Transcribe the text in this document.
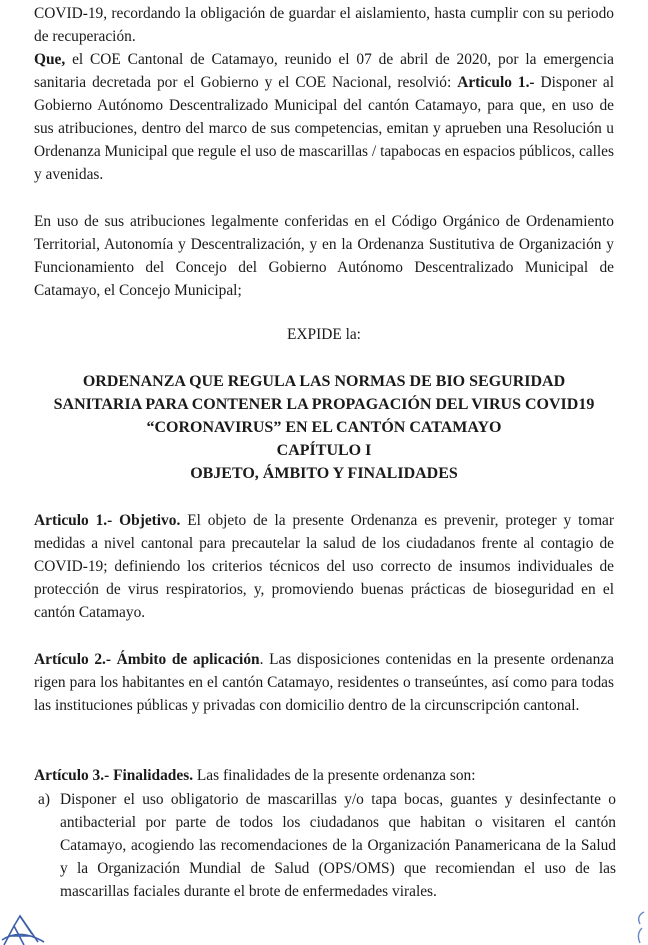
COVID-19, recordando la obligación de guardar el aislamiento, hasta cumplir con su periodo de recuperación.

Que, el COE Cantonal de Catamayo, reunido el 07 de abril de 2020, por la emergencia sanitaria decretada por el Gobierno y el COE Nacional, resolvió: Articulo 1.- Disponer al Gobierno Autónomo Descentralizado Municipal del cantón Catamayo, para que, en uso de sus atribuciones, dentro del marco de sus competencias, emitan y aprueben una Resolución u Ordenanza Municipal que regule el uso de mascarillas / tapabocas en espacios públicos, calles y avenidas.

En uso de sus atribuciones legalmente conferidas en el Código Orgánico de Ordenamiento Territorial, Autonomía y Descentralización, y en la Ordenanza Sustitutiva de Organización y Funcionamiento del Concejo del Gobierno Autónomo Descentralizado Municipal de Catamayo, el Concejo Municipal;

EXPIDE la:

ORDENANZA QUE REGULA LAS NORMAS DE BIO SEGURIDAD

SANITARIA PARA CONTENER LA PROPAGACIÓN DEL VIRUS COVID19

“CORONAVIRUS” EN EL CANTÓN CATAMAYO

CAPÍTULO I

OBJETO, ÁMBITO Y FINALIDADES

Articulo 1.- Objetivo. El objeto de la presente Ordenanza es prevenir, proteger y tomar medidas a nivel cantonal para precautelar la salud de los ciudadanos frente al contagio de COVID-19; definiendo los criterios técnicos del uso correcto de insumos individuales de protección de virus respiratorios, y, promoviendo buenas prácticas de bioseguridad en el cantón Catamayo.

Artículo 2.- Ámbito de aplicación. Las disposiciones contenidas en la presente ordenanza rigen para los habitantes en el cantón Catamayo, residentes o transeúntes, así como para todas las instituciones públicas y privadas con domicilio dentro de la circunscripción cantonal.

Artículo 3.- Finalidades. Las finalidades de la presente ordenanza son:

a) Disponer el uso obligatorio de mascarillas y/o tapa bocas, guantes y desinfectante o antibacterial por parte de todos los ciudadanos que habitan o visitaren el cantón Catamayo, acogiendo las recomendaciones de la Organización Panamericana de la Salud y la Organización Mundial de Salud (OPS/OMS) que recomiendan el uso de las mascarillas faciales durante el brote de enfermedades virales.
